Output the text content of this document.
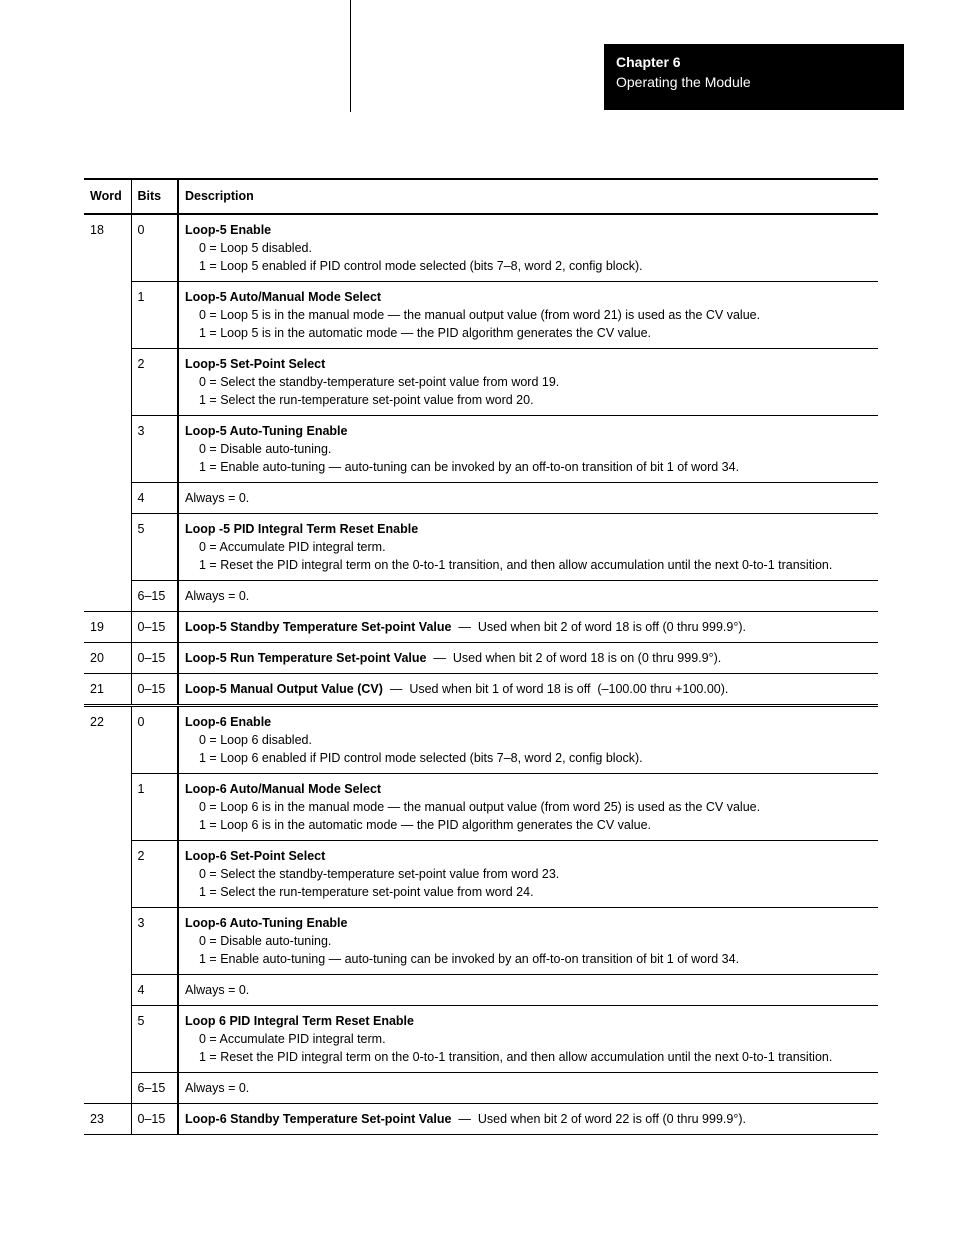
Chapter 6
Operating the Module
Word	Bits	Description
18	0	Loop-5 Enable
0 = Loop 5 disabled.
1 = Loop 5 enabled if PID control mode selected (bits 7–8, word 2, config block).

	1	Loop-5 Auto/Manual Mode Select
0 = Loop 5 is in the manual mode — the manual output value (from word 21) is used as the CV value.
1 = Loop 5 is in the automatic mode — the PID algorithm generates the CV value.

	2	Loop-5 Set-Point Select
0 = Select the standby-temperature set-point value from word 19.
1 = Select the run-temperature set-point value from word 20.

	3	Loop-5 Auto-Tuning Enable
0 = Disable auto-tuning.
1 = Enable auto-tuning — auto-tuning can be invoked by an off-to-on transition of bit 1 of word 34.

	4	Always = 0.
	5	Loop -5 PID Integral Term Reset Enable
0 = Accumulate PID integral term.
1 = Reset the PID integral term on the 0-to-1 transition, and then allow accumulation until the next 0-to-1 transition.

	6–15	Always = 0.
19	0–15	Loop-5 Standby Temperature Set-point Value  —  Used when bit 2 of word 18 is off (0 thru 999.9°).
20	0–15	Loop-5 Run Temperature Set-point Value  —  Used when bit 2 of word 18 is on (0 thru 999.9°).
21	0–15	Loop-5 Manual Output Value (CV)  —  Used when bit 1 of word 18 is off  (–100.00 thru +100.00).
22	0	Loop-6 Enable
0 = Loop 6 disabled.
1 = Loop 6 enabled if PID control mode selected (bits 7–8, word 2, config block).

	1	Loop-6 Auto/Manual Mode Select
0 = Loop 6 is in the manual mode — the manual output value (from word 25) is used as the CV value.
1 = Loop 6 is in the automatic mode — the PID algorithm generates the CV value.

	2	Loop-6 Set-Point Select
0 = Select the standby-temperature set-point value from word 23.
1 = Select the run-temperature set-point value from word 24.

	3	Loop-6 Auto-Tuning Enable
0 = Disable auto-tuning.
1 = Enable auto-tuning — auto-tuning can be invoked by an off-to-on transition of bit 1 of word 34.

	4	Always = 0.
	5	Loop 6 PID Integral Term Reset Enable
0 = Accumulate PID integral term.
1 = Reset the PID integral term on the 0-to-1 transition, and then allow accumulation until the next 0-to-1 transition.

	6–15	Always = 0.
23	0–15	Loop-6 Standby Temperature Set-point Value  —  Used when bit 2 of word 22 is off (0 thru 999.9°).
